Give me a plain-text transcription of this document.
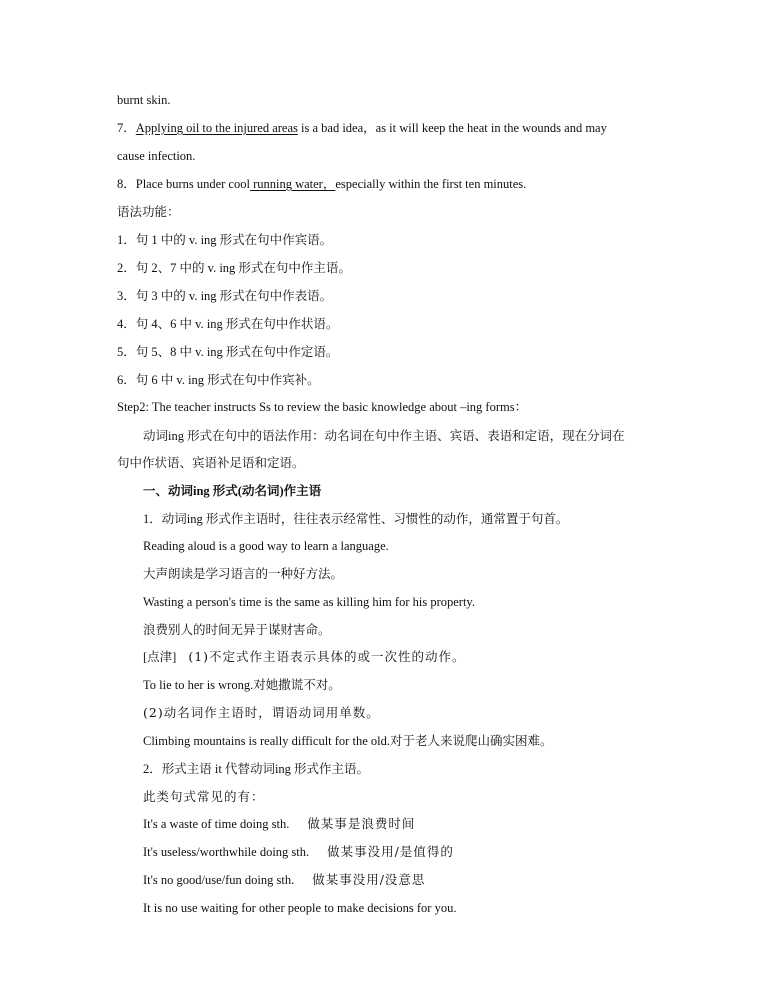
burnt skin.
7．Applying oil to the injured areas is a bad idea，as it will keep the heat in the wounds and may
cause infection.
8．Place burns under cool running water，especially within the first ten minutes.
语法功能：
1．句 1 中的 v. ing 形式在句中作宾语。
2．句 2、7 中的 v. ing 形式在句中作主语。
3．句 3 中的 v. ing 形式在句中作表语。
4．句 4、6 中 v. ing 形式在句中作状语。
5．句 5、8 中 v. ing 形式在句中作定语。
6．句 6 中 v. ing 形式在句中作宾补。
Step2: The teacher instructs Ss to review the basic knowledge about –ing forms：
动词ing 形式在句中的语法作用：动名词在句中作主语、宾语、表语和定语，现在分词在
句中作状语、宾语补足语和定语。
一、动词ing 形式(动名词)作主语
1．动词ing 形式作主语时，往往表示经常性、习惯性的动作，通常置于句首。
Reading aloud is a good way to learn a language.
大声朗读是学习语言的一种好方法。
Wasting a person's time is the same as killing him for his property.
浪费别人的时间无异于谋财害命。
[点津] (1)不定式作主语表示具体的或一次性的动作。
To lie to her is wrong.对她撒谎不对。
(2)动名词作主语时，谓语动词用单数。
Climbing mountains is really difficult for the old.对于老人来说爬山确实困难。
2．形式主语 it 代替动词ing 形式作主语。
此类句式常见的有：
It's a waste of time doing sth. 做某事是浪费时间
It's useless/worthwhile doing sth. 做某事没用/是值得的
It's no good/use/fun doing sth. 做某事没用/没意思
It is no use waiting for other people to make decisions for you.
